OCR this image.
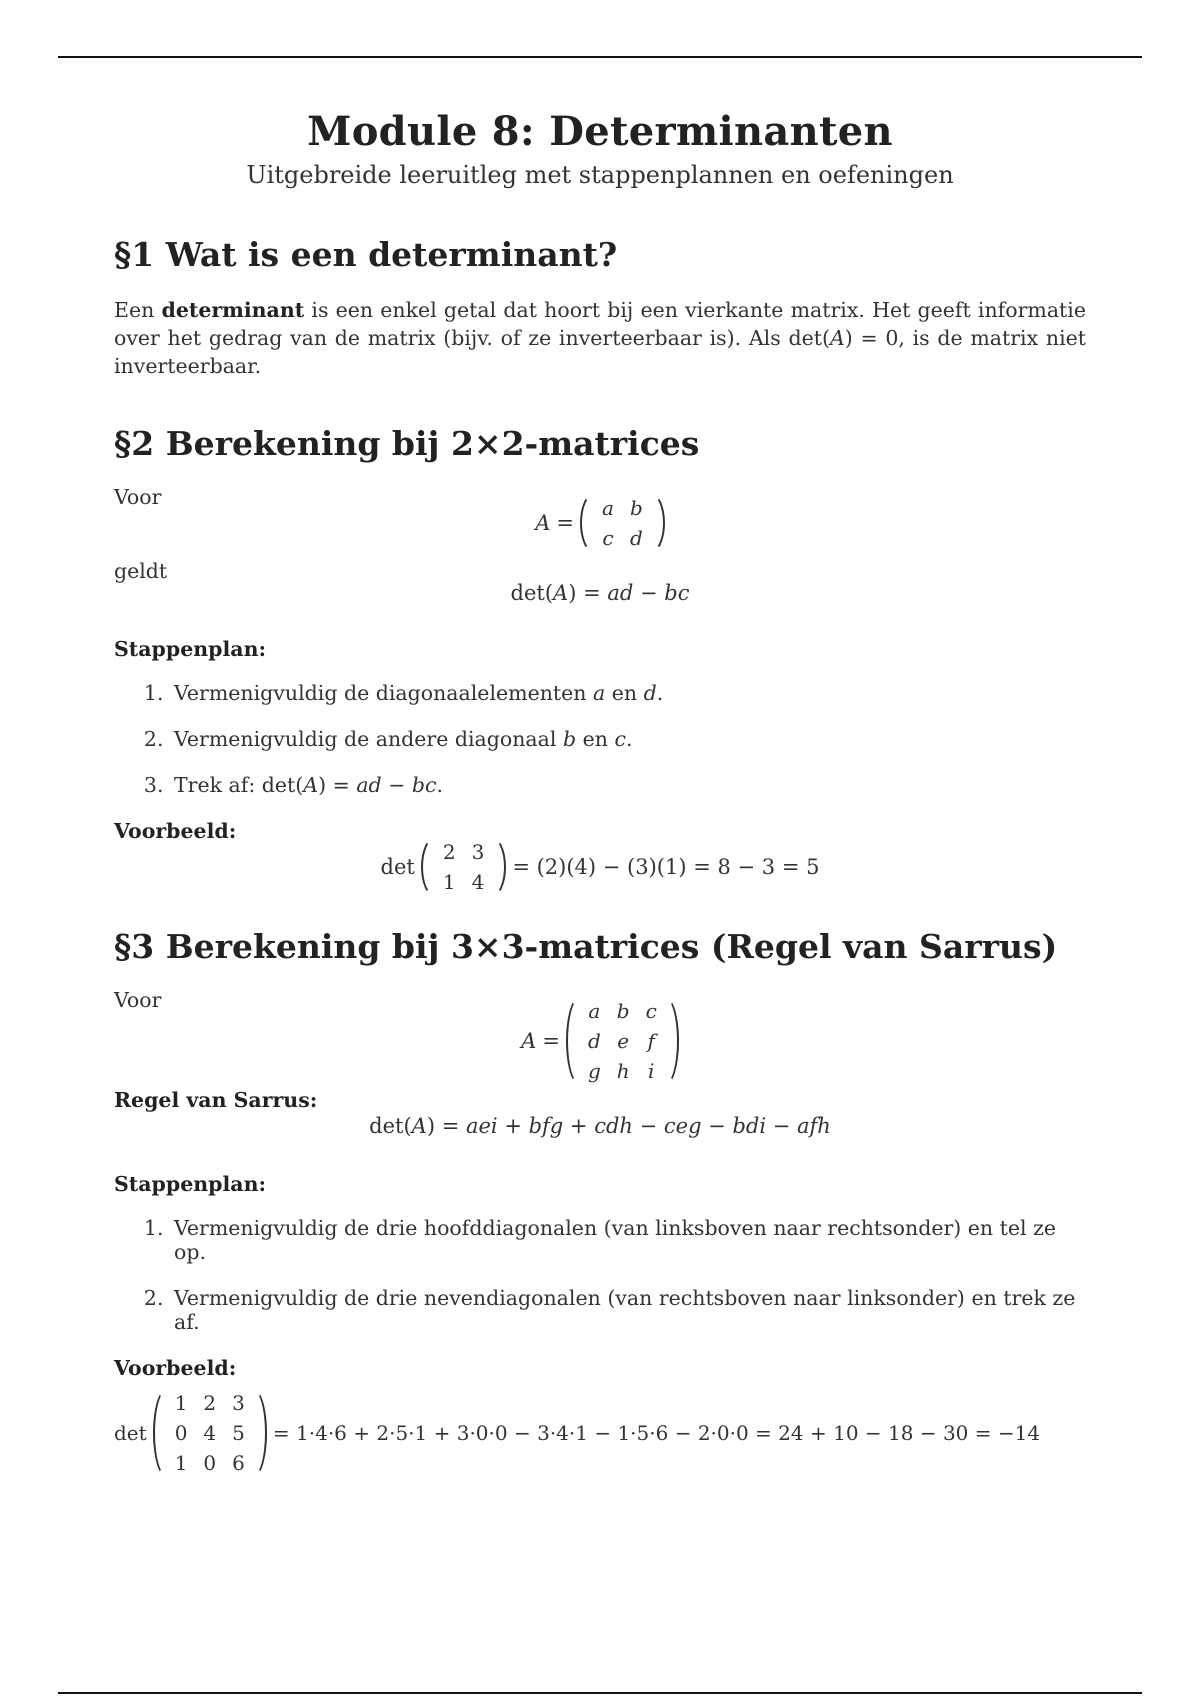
Module 8: Determinanten
Uitgebreide leeruitleg met stappenplannen en oefeningen
§1 Wat is een determinant?

Een determinant is een enkel getal dat hoort bij een vierkante matrix. Het geeft informatie over het gedrag van de matrix (bijv. of ze inverteerbaar is). Als det(A) = 0, is de matrix niet inverteerbaar.

§2 Berekening bij 2×2-matrices
Voor
A =
a	b
c	d
geldt
det(A) = ad − bc
Stappenplan:
1. Vermenigvuldig de diagonaalelementen a en d.
2. Vermenigvuldig de andere diagonaal b en c.
3. Trek af: det(A) = ad − bc.
Voorbeeld:
det
2	3
1	4
= (2)(4) − (3)(1) = 8 − 3 = 5
§3 Berekening bij 3×3-matrices (Regel van Sarrus)
Voor
A =
a	b	c
d	e	f
g	h	i
Regel van Sarrus:
det(A) = aei + bfg + cdh − ceg − bdi − afh
Stappenplan:
1. Vermenigvuldig de drie hoofddiagonalen (van linksboven naar rechtsonder) en tel ze op.
2. Vermenigvuldig de drie nevendiagonalen (van rechtsboven naar linksonder) en trek ze af.
Voorbeeld:
det
1	2	3
0	4	5
1	0	6
= 1·4·6 + 2·5·1 + 3·0·0 − 3·4·1 − 1·5·6 − 2·0·0 = 24 + 10 − 18 − 30 = −14
